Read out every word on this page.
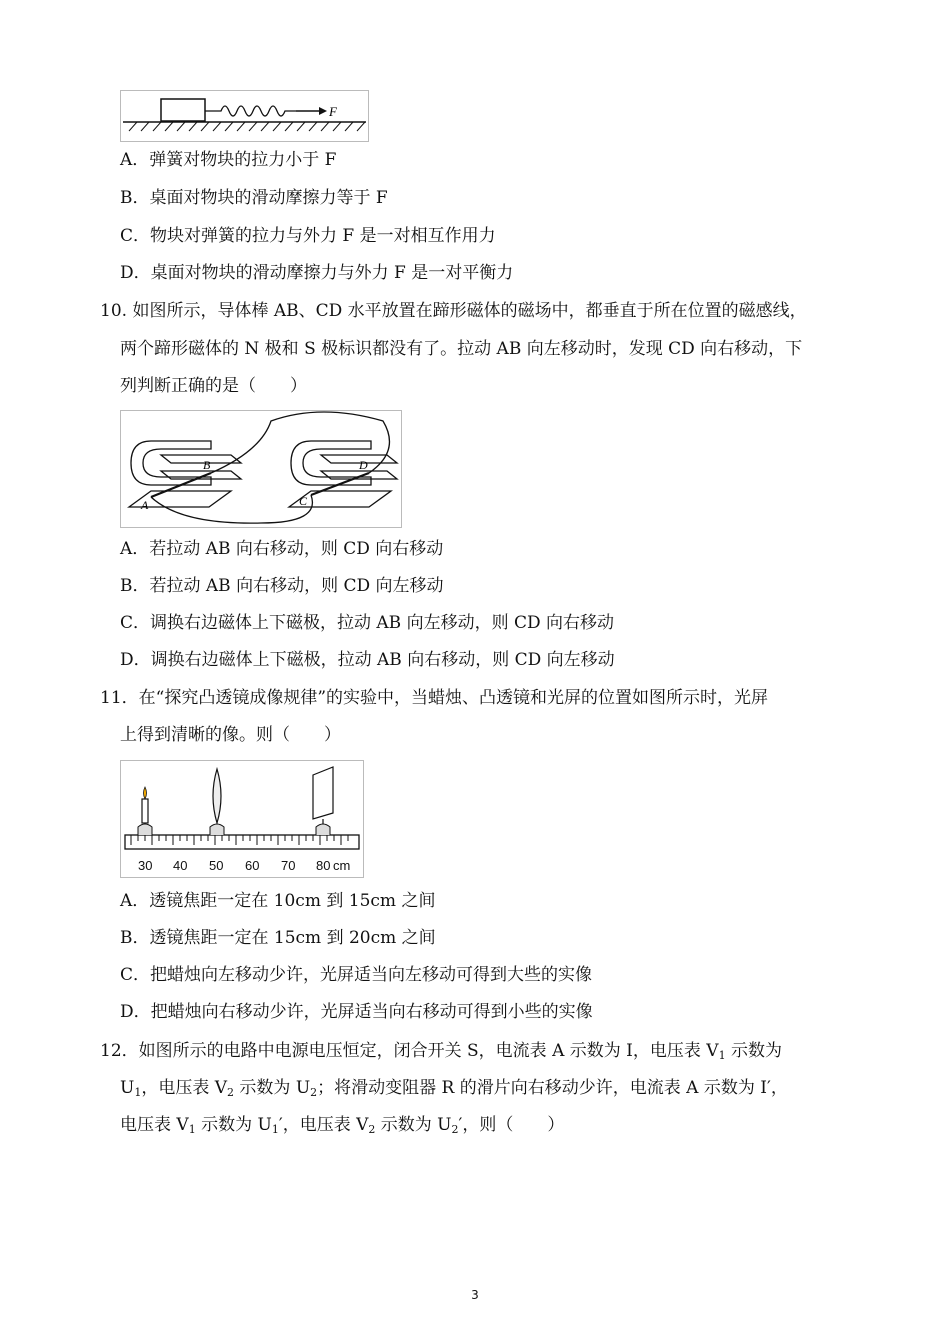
F
A．弹簧对物块的拉力小于 F
B．桌面对物块的滑动摩擦力等于 F
C．物块对弹簧的拉力与外力 F 是一对相互作用力
D．桌面对物块的滑动摩擦力与外力 F 是一对平衡力
10. 如图所示，导体棒 AB、CD 水平放置在蹄形磁体的磁场中，都垂直于所在位置的磁感线，
两个蹄形磁体的 N 极和 S 极标识都没有了。拉动 AB 向左移动时，发现 CD 向右移动，下
列判断正确的是（　　）
A
B
C
D
A．若拉动 AB 向右移动，则 CD 向右移动
B．若拉动 AB 向右移动，则 CD 向左移动
C．调换右边磁体上下磁极，拉动 AB 向左移动，则 CD 向右移动
D．调换右边磁体上下磁极，拉动 AB 向右移动，则 CD 向左移动
11．在“探究凸透镜成像规律”的实验中，当蜡烛、凸透镜和光屏的位置如图所示时，光屏
上得到清晰的像。则（　　）
30 40 50 60 70 80 cm
A．透镜焦距一定在 10cm 到 15cm 之间
B．透镜焦距一定在 15cm 到 20cm 之间
C．把蜡烛向左移动少许，光屏适当向左移动可得到大些的实像
D．把蜡烛向右移动少许，光屏适当向右移动可得到小些的实像
12．如图所示的电路中电源电压恒定，闭合开关 S，电流表 A 示数为 I，电压表 $V_1$ 示数为
$U_1$，电压表 $V_2$ 示数为 $U_2$；将滑动变阻器 R 的滑片向右移动少许，电流表 A 示数为 I′，
电压表 $V_1$ 示数为 $U_1'$，电压表 $V_2$ 示数为 $U_2'$，则（　　）
3
